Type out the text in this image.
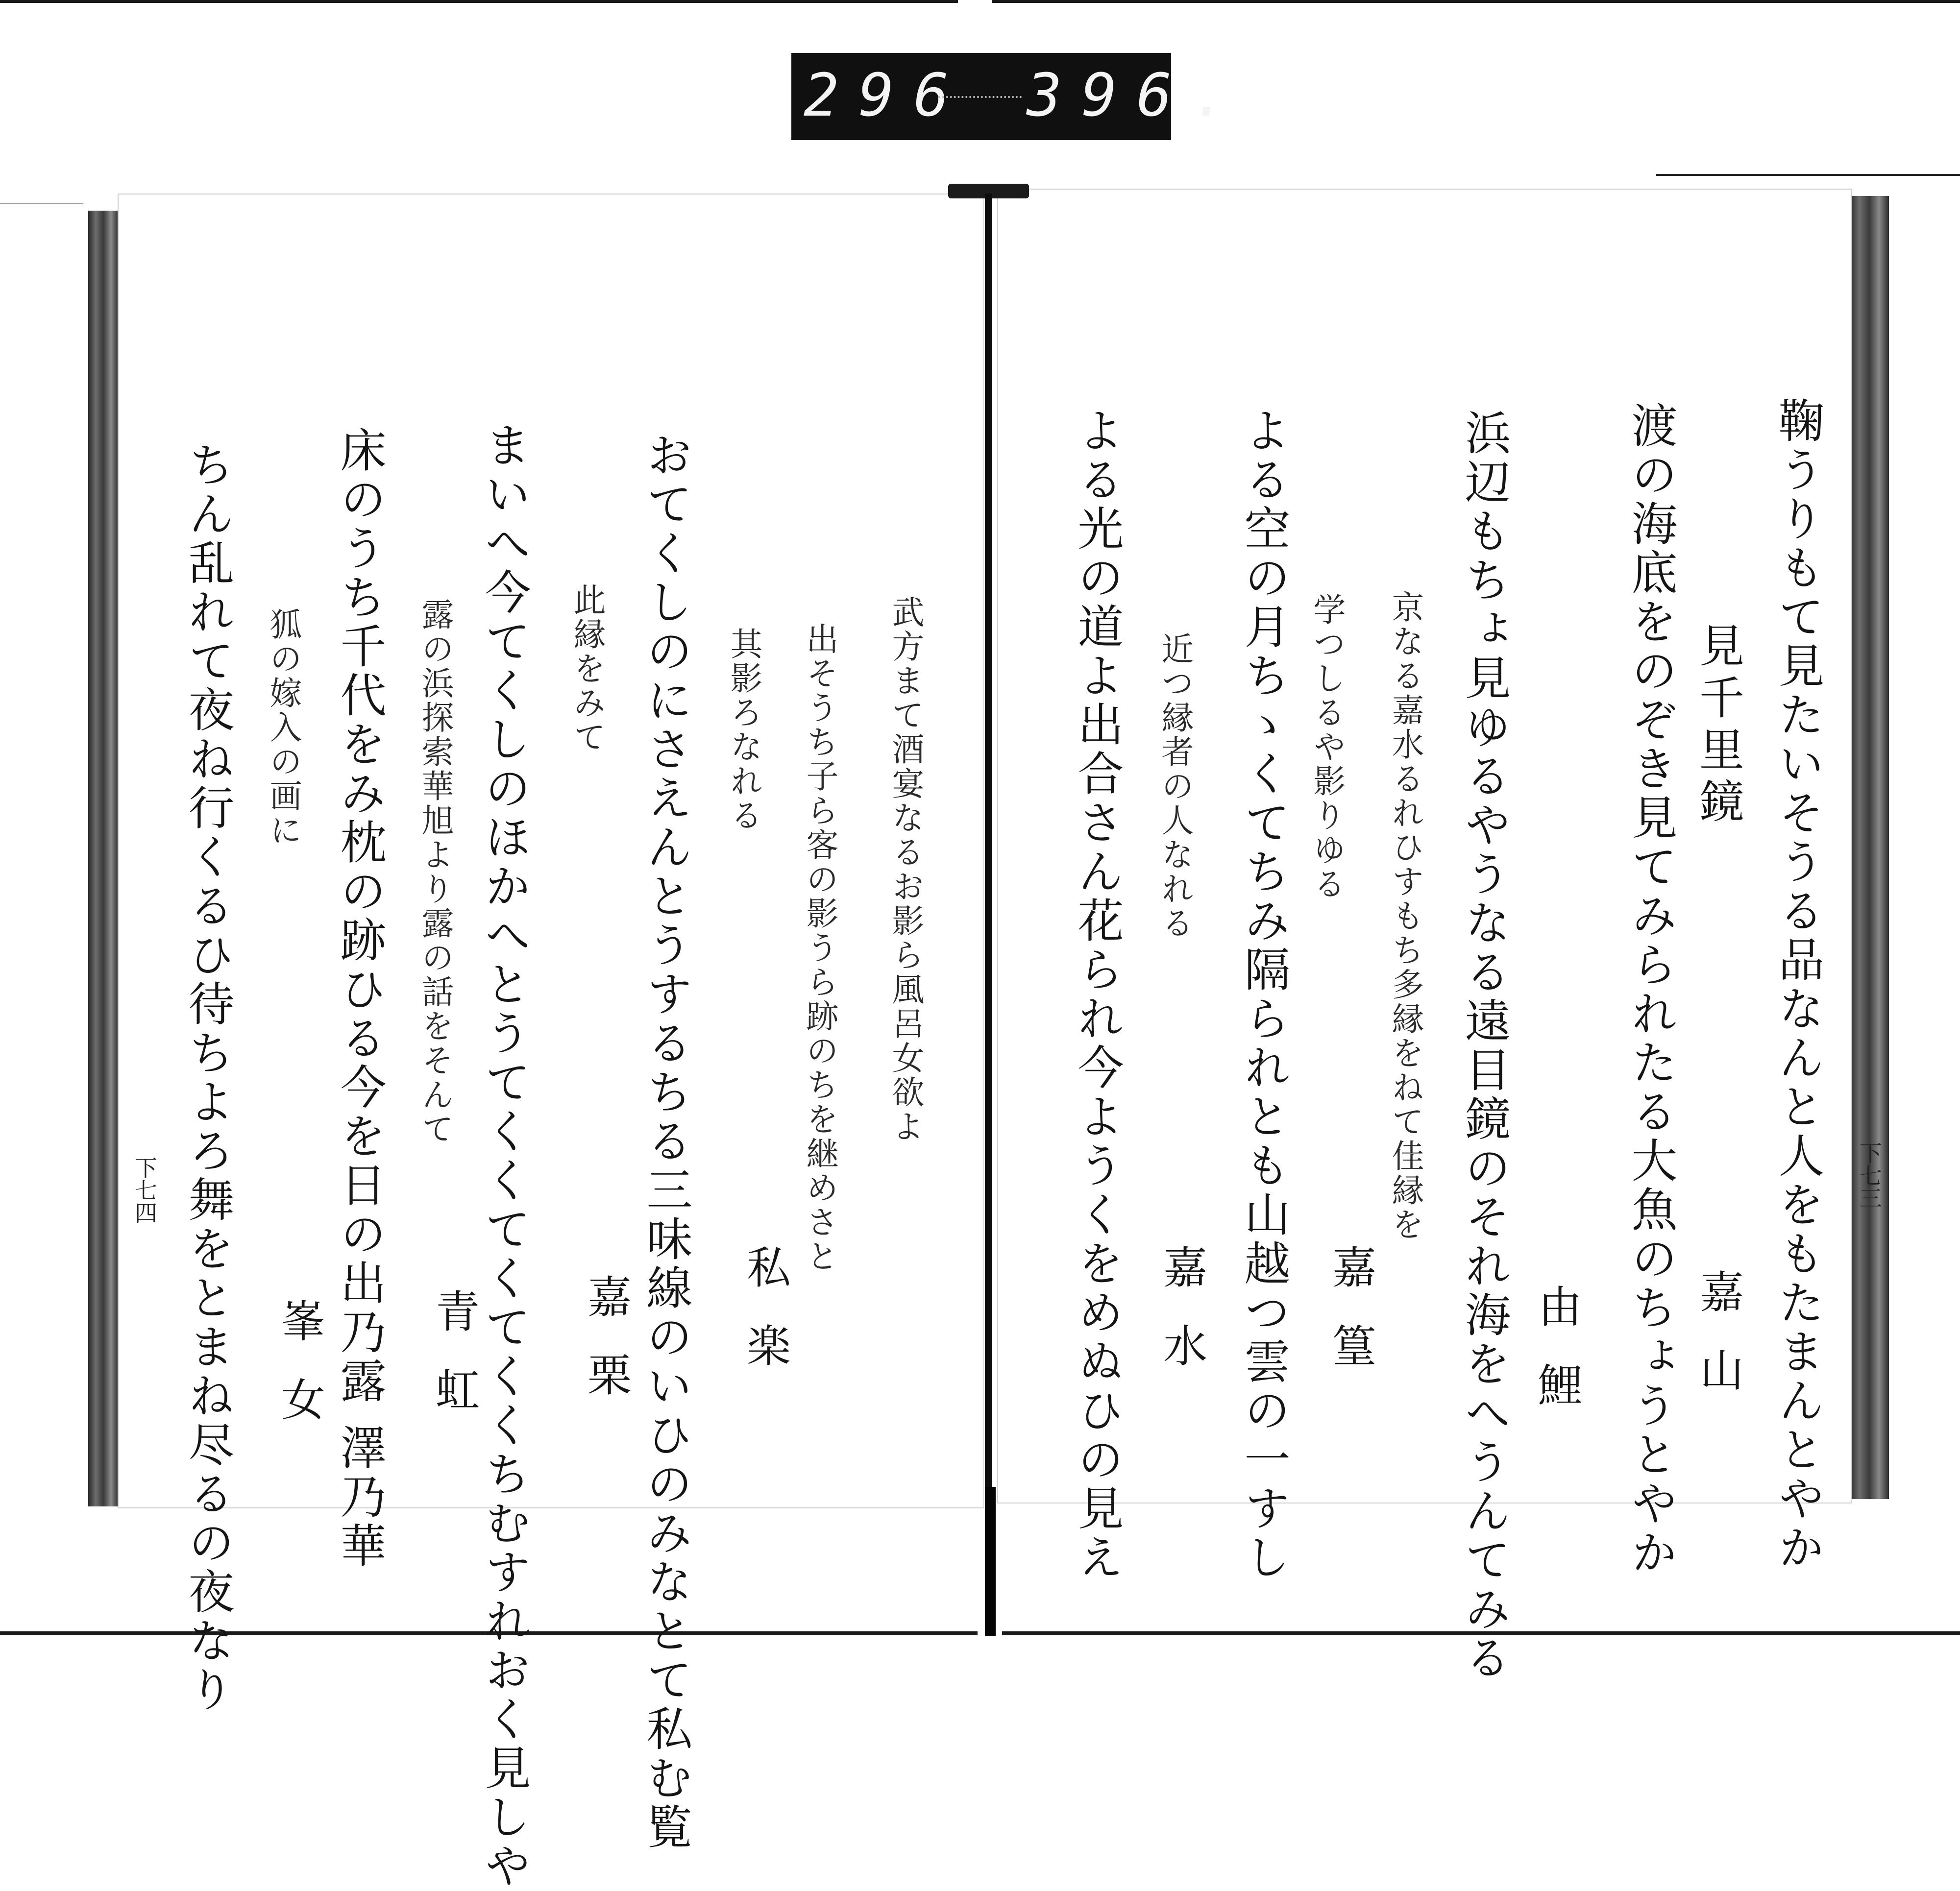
296 396.
下七三
下七四	鞠うりもて見たいそうる品なんと人をもたまんとやか
嘉山
見千里鏡
渡の海底をのぞき見てみられたる大魚のちょうとやか
由鯉
浜辺もちょ見ゆるやうなる遠目鏡のそれ海をへうんてみる
京なる嘉水るれひすもち多縁をねて佳縁を
学つしるや影りゆる
嘉篁
よる空の月ちゝくてちみ隔られとも山越つ雲の一すし
近つ縁者の人なれる
嘉水
よる光の道よ出合さん花られ今ようくをめぬひの見え
武方まて酒宴なるお影ら風呂女欲よ
出そうち子ら客の影うら跡のちを継めさと
其影ろなれる
私楽
おてくしのにさえんとうするちる三味線のいひのみなとて私む覧
此縁をみて
嘉栗
まいへ今てくしのほかへとうてくくてくてくくちむすれおく見しや
露の浜探索華旭より露の話をそんて
青虹
床のうち千代をみ枕の跡ひる今を日の出乃露 澤乃華
狐の嫁入の画に
峯女
ちん乱れて夜ね行くるひ待ちよろ舞をとまね尽るの夜なり
